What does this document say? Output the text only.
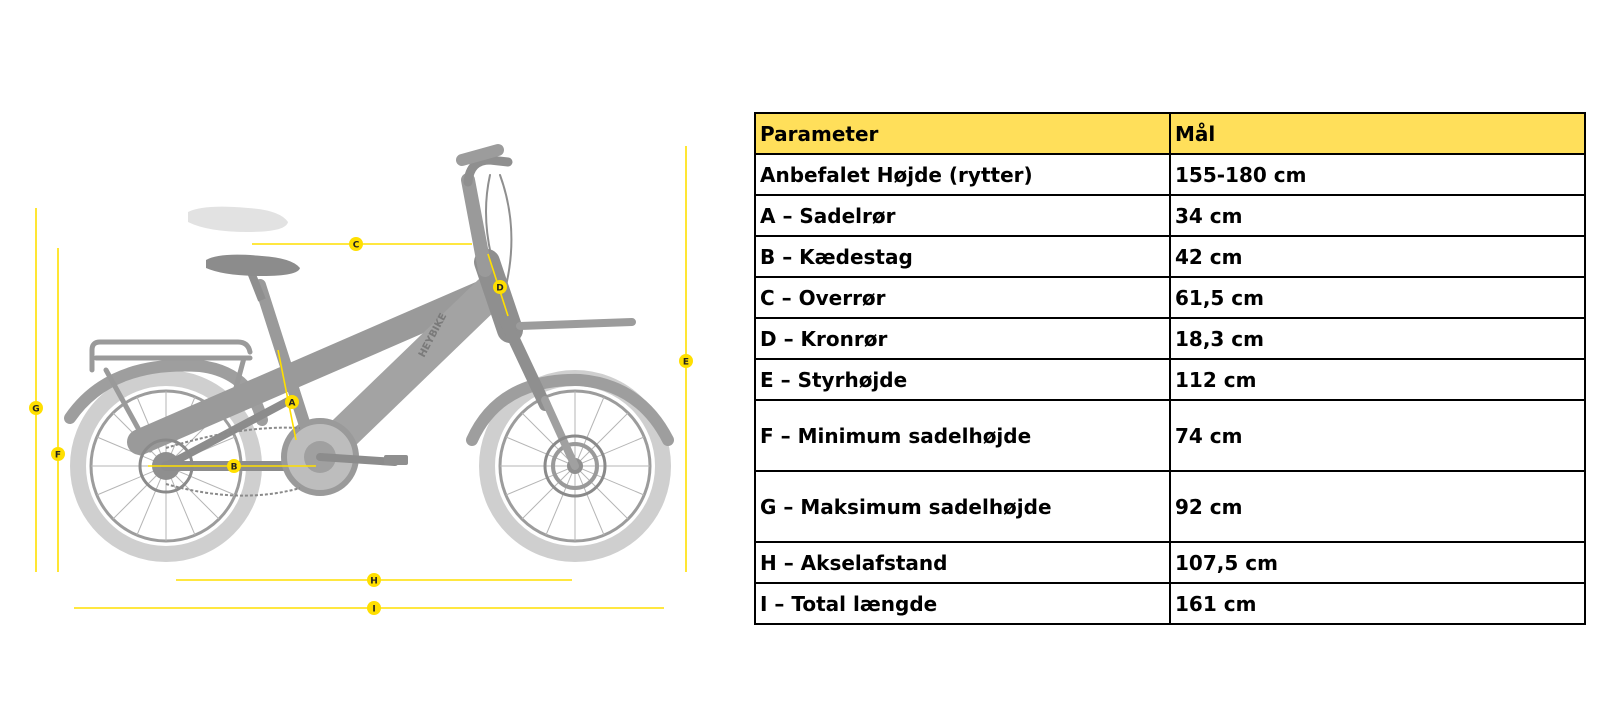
HEYBIKE
A
B
C
D
E
F
G
H
I
Parameter	Mål
Anbefalet Højde (rytter)	155-180 cm
A – Sadelrør	34 cm
B – Kædestag	42 cm
C – Overrør	61,5 cm
D – Kronrør	18,3 cm
E – Styrhøjde	112 cm
F – Minimum sadelhøjde	74 cm
G – Maksimum sadelhøjde	92 cm
H – Akselafstand	107,5 cm
I – Total længde	161 cm
